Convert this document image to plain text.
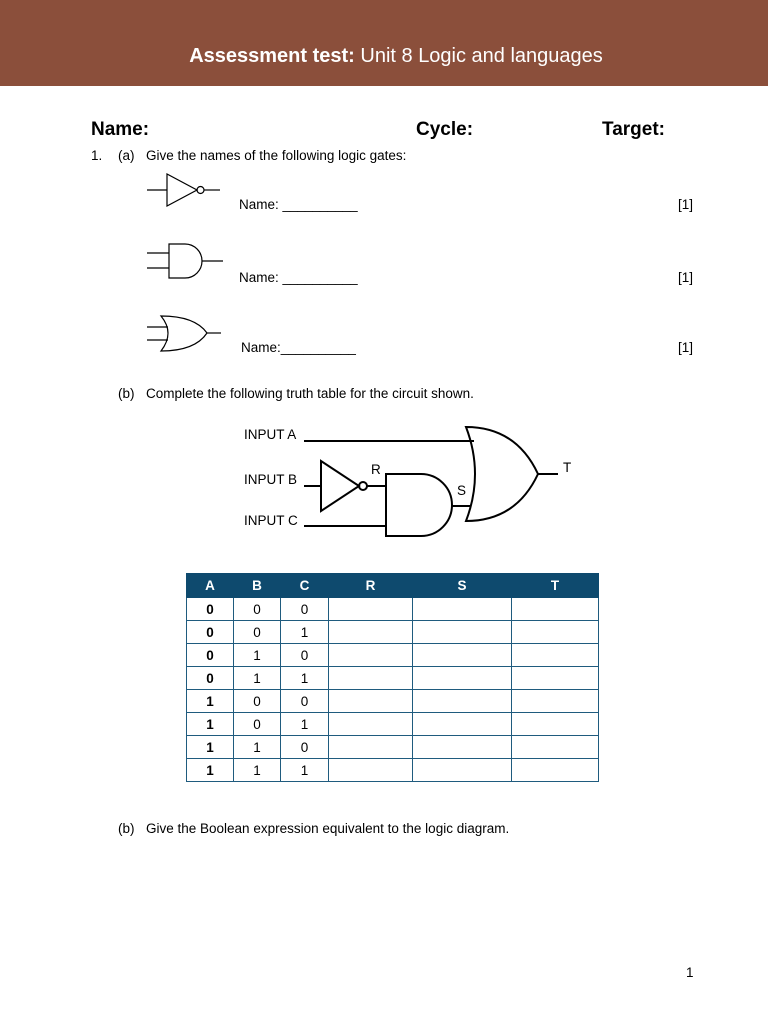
Assessment test: Unit 8 Logic and languages
Name:	Cycle:	Target:
1. (a) Give the names of the following logic gates:
Name: __________	[1]
Name: __________	[1]
Name:__________	[1]
(b) Complete the following truth table for the circuit shown.
INPUT A
INPUT B
INPUT C
R
S
T
A	B	C	R	S	T
0	0	0			
0	0	1			
0	1	0			
0	1	1			
1	0	0			
1	0	1			
1	1	0			
1	1	1			
(b) Give the Boolean expression equivalent to the logic diagram.
1
